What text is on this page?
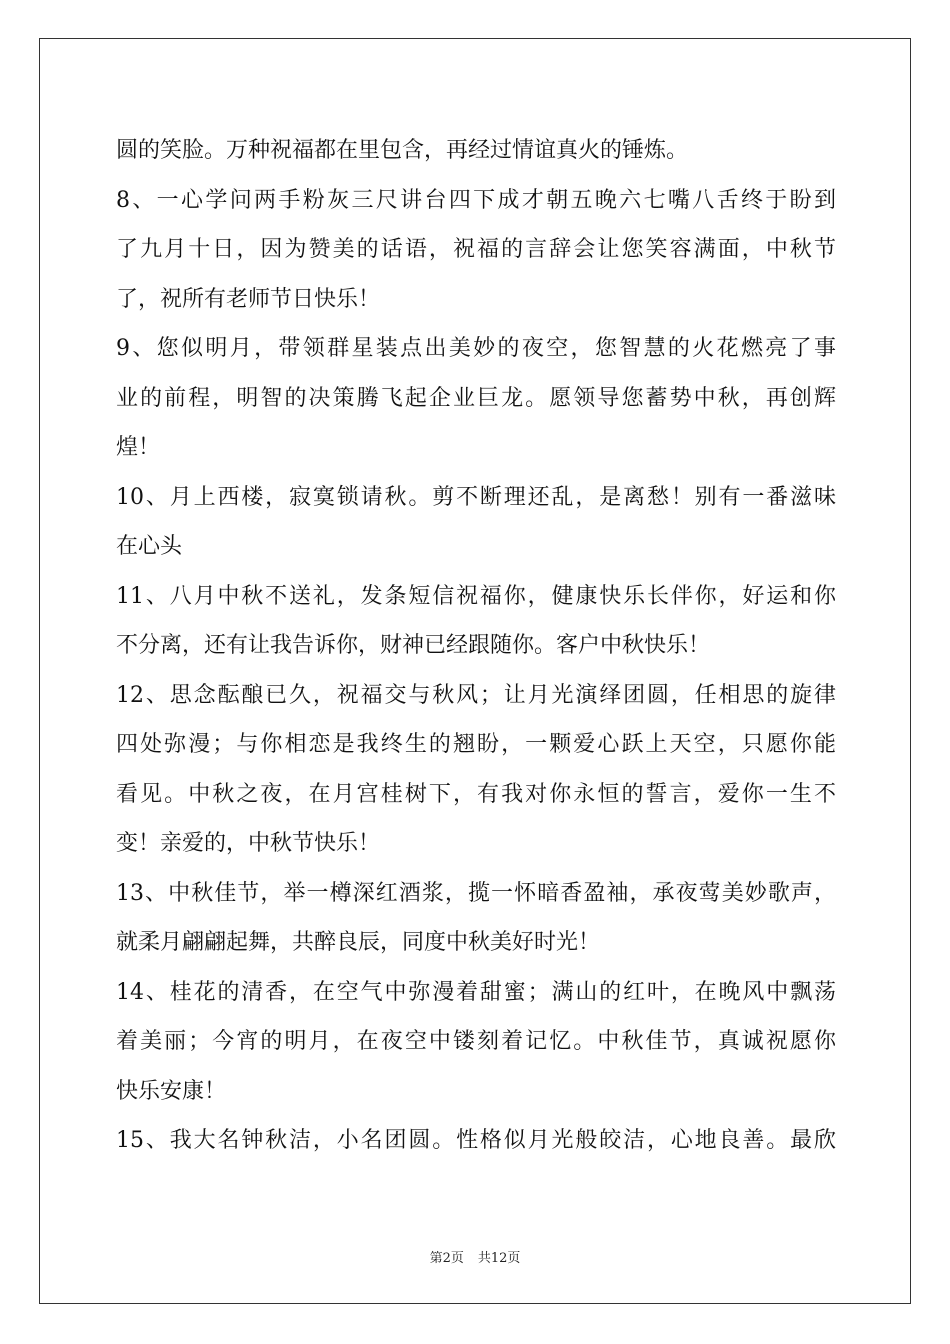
圆的笑脸。万种祝福都在里包含，再经过情谊真火的锤炼。
8、一心学问两手粉灰三尺讲台四下成才朝五晚六七嘴八舌终于盼到
了九月十日，因为赞美的话语，祝福的言辞会让您笑容满面，中秋节
了，祝所有老师节日快乐！
9、您似明月，带领群星装点出美妙的夜空，您智慧的火花燃亮了事
业的前程，明智的决策腾飞起企业巨龙。愿领导您蓄势中秋，再创辉
煌！
10、月上西楼，寂寞锁请秋。剪不断理还乱，是离愁！别有一番滋味
在心头
11、八月中秋不送礼，发条短信祝福你，健康快乐长伴你，好运和你
不分离，还有让我告诉你，财神已经跟随你。客户中秋快乐！
12、思念酝酿已久，祝福交与秋风；让月光演绎团圆，任相思的旋律
四处弥漫；与你相恋是我终生的翘盼，一颗爱心跃上天空，只愿你能
看见。中秋之夜，在月宫桂树下，有我对你永恒的誓言，爱你一生不
变！亲爱的，中秋节快乐！
13、中秋佳节，举一樽深红酒浆，揽一怀暗香盈袖，承夜莺美妙歌声，
就柔月翩翩起舞，共醉良辰，同度中秋美好时光！
14、桂花的清香，在空气中弥漫着甜蜜；满山的红叶，在晚风中飘荡
着美丽；今宵的明月，在夜空中镂刻着记忆。中秋佳节，真诚祝愿你
快乐安康！
15、我大名钟秋洁，小名团圆。性格似月光般皎洁，心地良善。最欣
第2页 共12页
